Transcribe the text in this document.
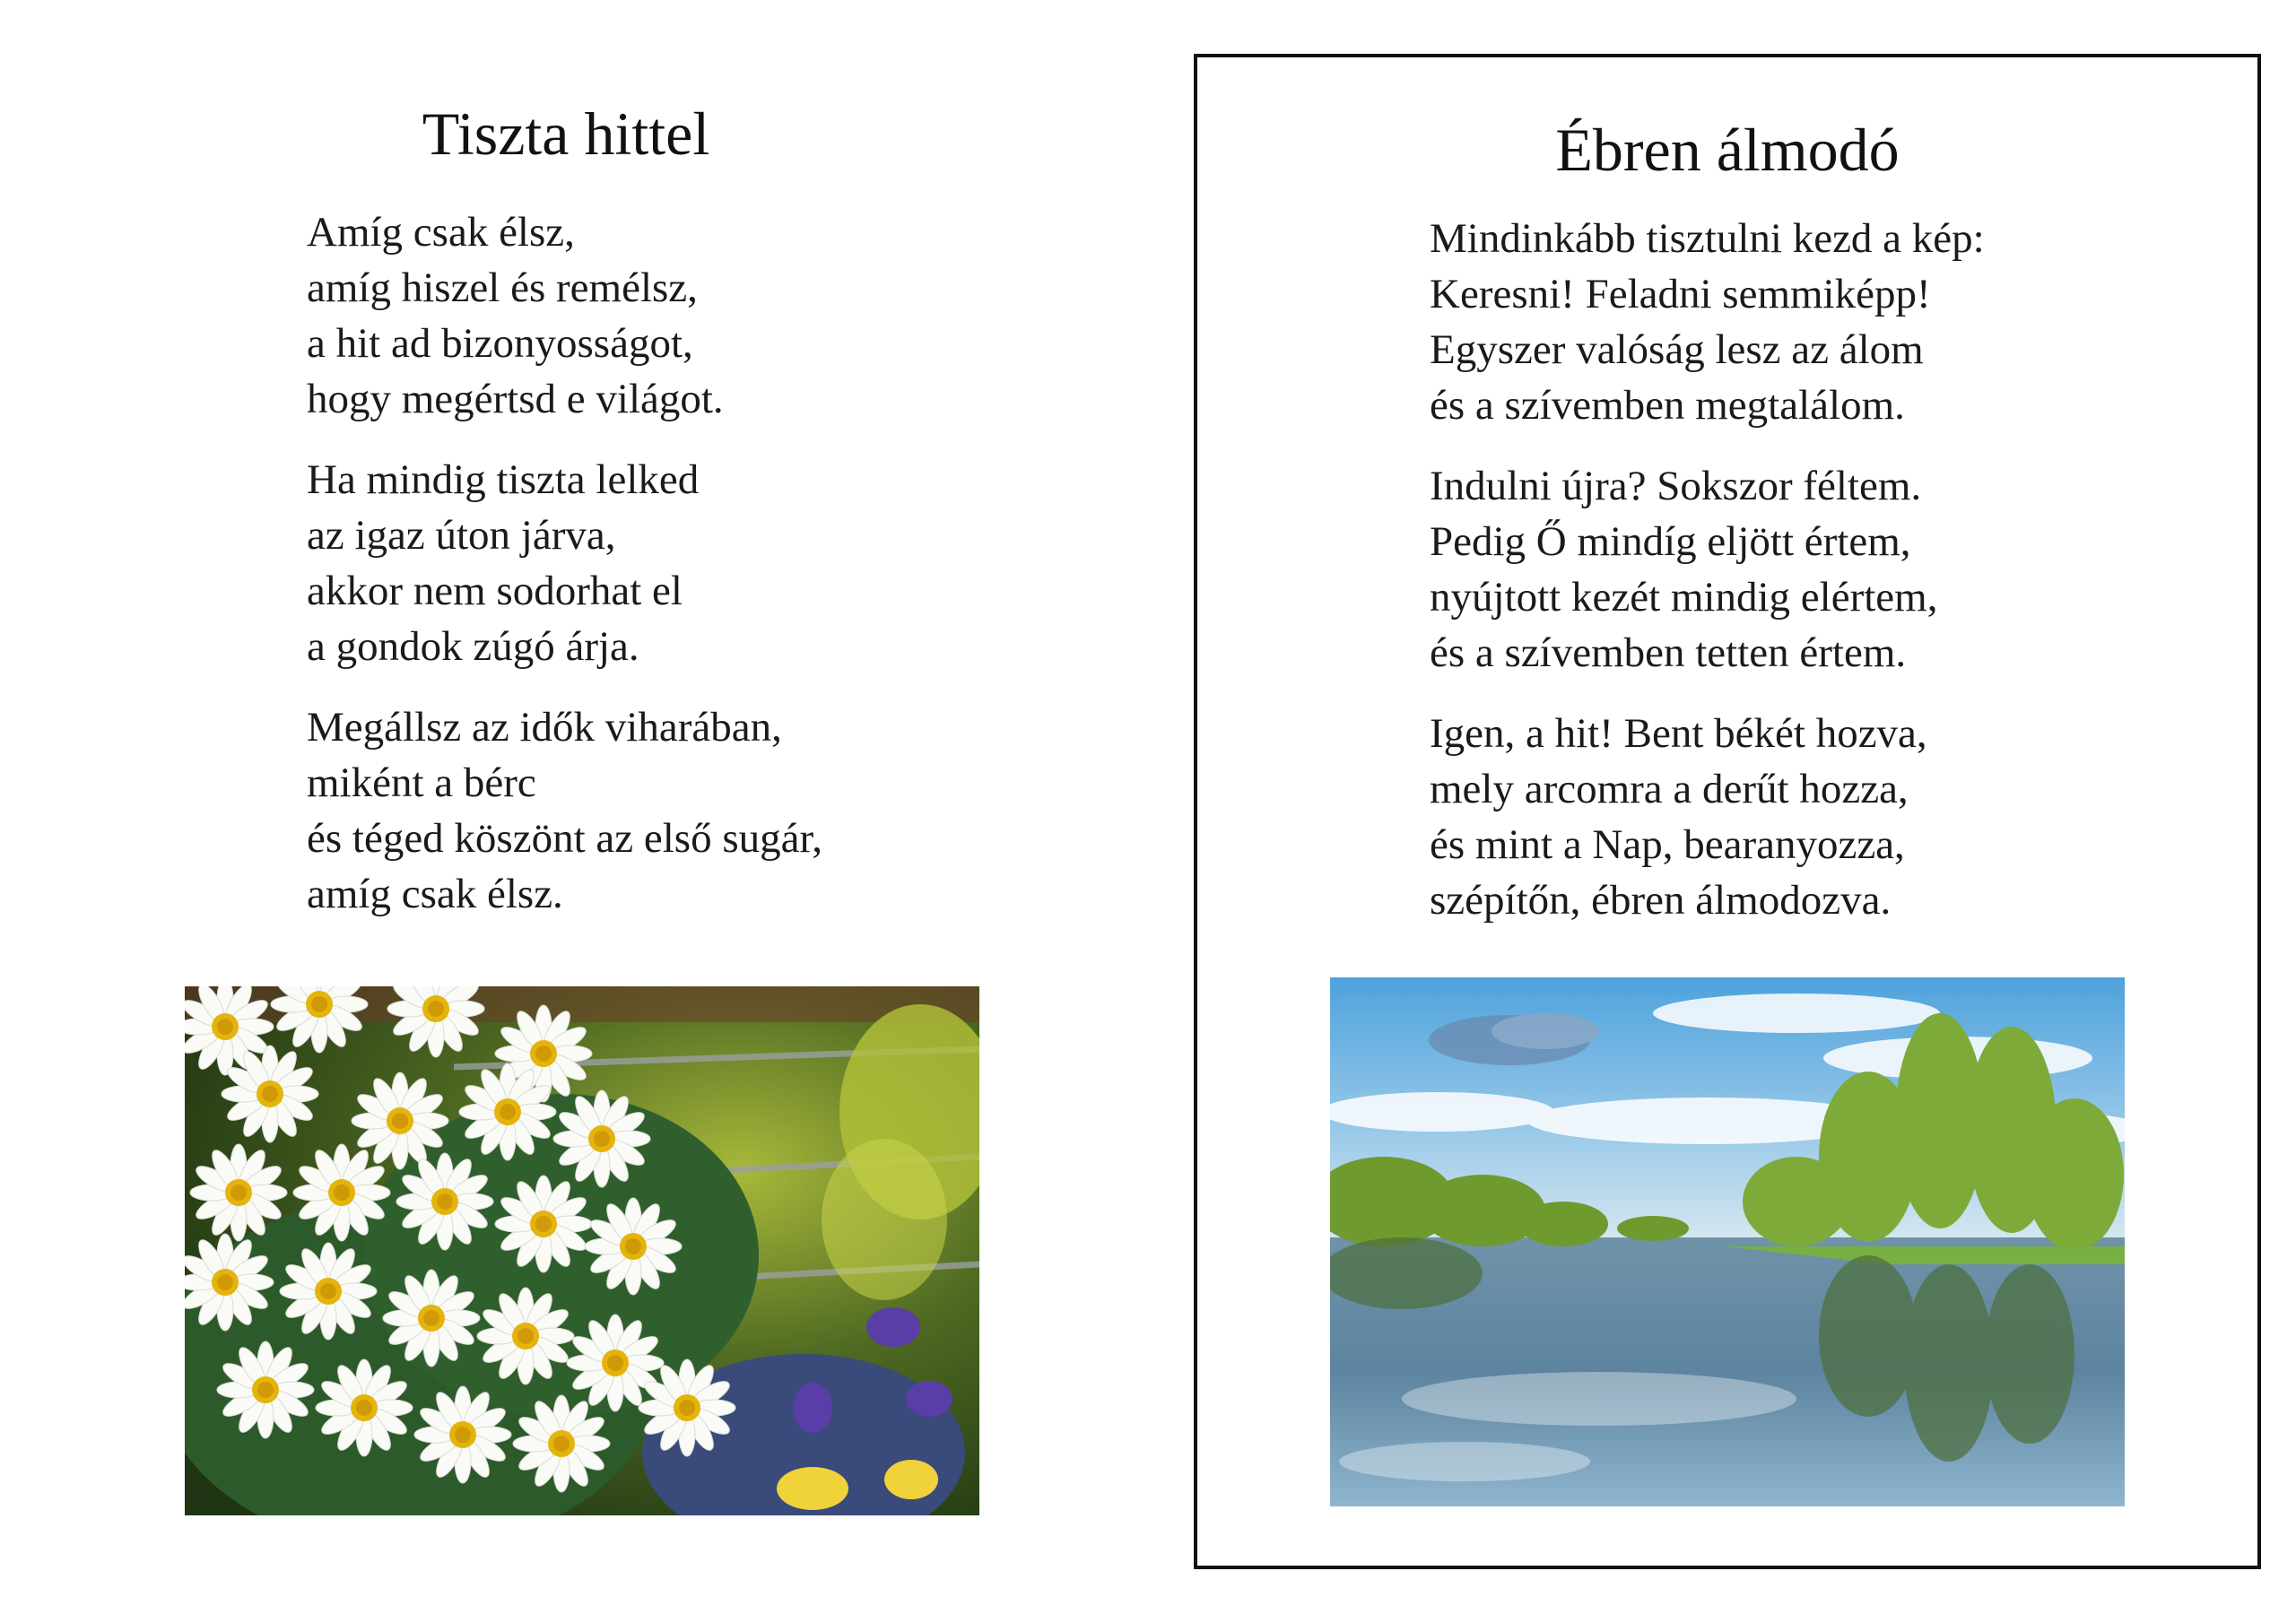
Tiszta hittel

Amíg csak élsz,
amíg hiszel és remélsz,
a hit ad bizonyosságot,
hogy megértsd e világot.

Ha mindig tiszta lelked
az igaz úton járva,
akkor nem sodorhat el
a gondok zúgó árja.

Megállsz az idők viharában,
miként a bérc
és téged köszönt az első sugár,
amíg csak élsz.

Ébren álmodó

Mindinkább tisztulni kezd a kép:
Keresni! Feladni semmiképp!
Egyszer valóság lesz az álom
és a szívemben megtalálom.

Indulni újra? Sokszor féltem.
Pedig Ő mindíg eljött értem,
nyújtott kezét mindig elértem,
és a szívemben tetten értem.

Igen, a hit! Bent békét hozva,
mely arcomra a derűt hozza,
és mint a Nap, bearanyozza,
szépítőn, ébren álmodozva.
